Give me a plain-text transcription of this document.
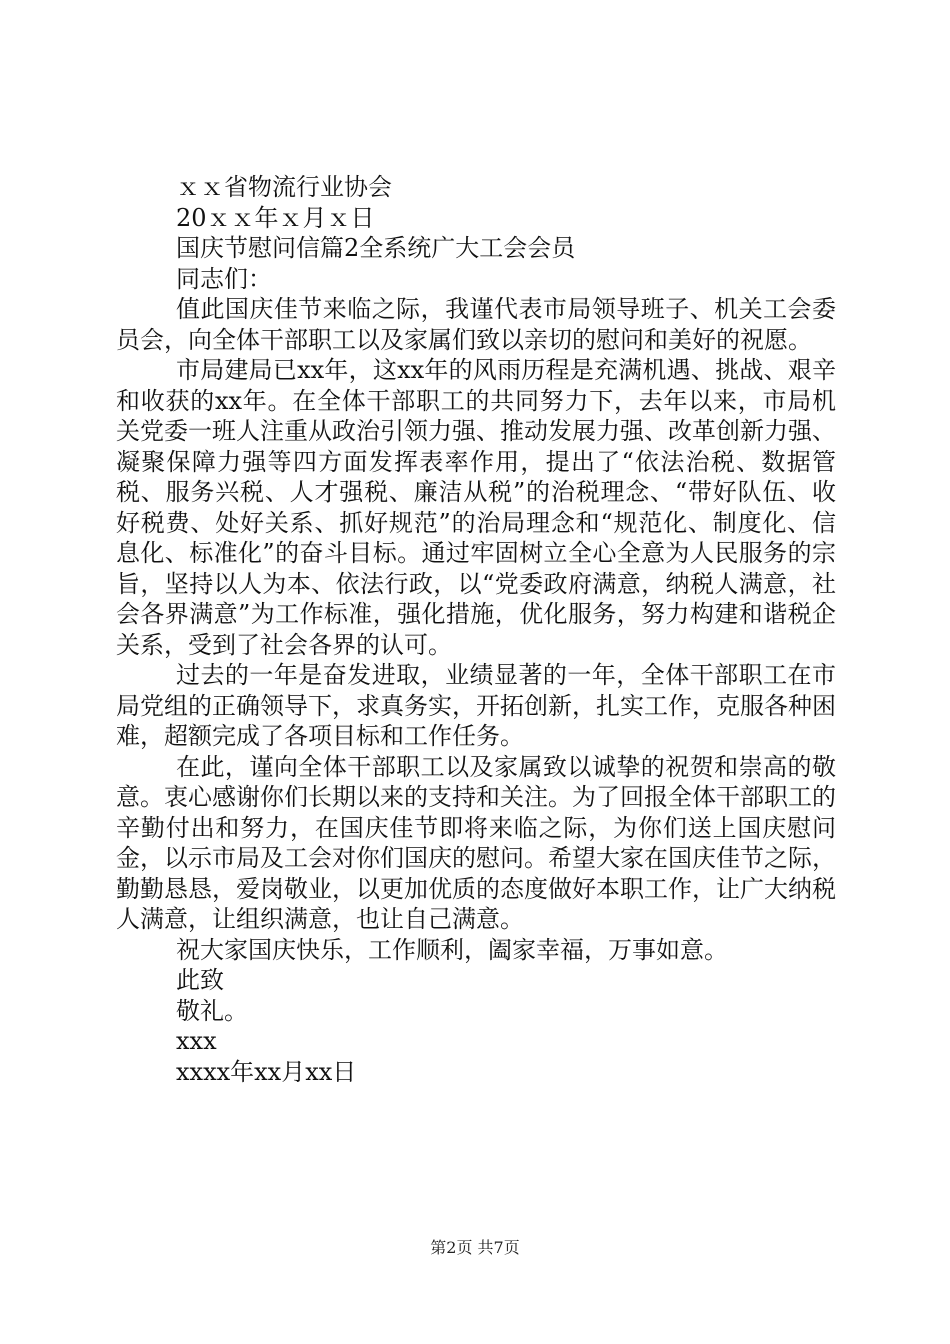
ｘｘ省物流行业协会

20ｘｘ年ｘ月ｘ日

国庆节慰问信篇2全系统广大工会会员

同志们：

值此国庆佳节来临之际，我谨代表市局领导班子、机关工会委员会，向全体干部职工以及家属们致以亲切的慰问和美好的祝愿。

市局建局已xx年，这xx年的风雨历程是充满机遇、挑战、艰辛和收获的xx年。在全体干部职工的共同努力下，去年以来，市局机关党委一班人注重从政治引领力强、推动发展力强、改革创新力强、凝聚保障力强等四方面发挥表率作用，提出了“依法治税、数据管税、服务兴税、人才强税、廉洁从税”的治税理念、“带好队伍、收好税费、处好关系、抓好规范”的治局理念和“规范化、制度化、信息化、标准化”的奋斗目标。通过牢固树立全心全意为人民服务的宗旨，坚持以人为本、依法行政，以“党委政府满意，纳税人满意，社会各界满意”为工作标准，强化措施，优化服务，努力构建和谐税企关系，受到了社会各界的认可。

过去的一年是奋发进取，业绩显著的一年，全体干部职工在市局党组的正确领导下，求真务实，开拓创新，扎实工作，克服各种困难，超额完成了各项目标和工作任务。

在此，谨向全体干部职工以及家属致以诚挚的祝贺和崇高的敬意。衷心感谢你们长期以来的支持和关注。为了回报全体干部职工的辛勤付出和努力，在国庆佳节即将来临之际，为你们送上国庆慰问金，以示市局及工会对你们国庆的慰问。希望大家在国庆佳节之际，勤勤恳恳，爱岗敬业，以更加优质的态度做好本职工作，让广大纳税人满意，让组织满意，也让自己满意。

祝大家国庆快乐，工作顺利，阖家幸福，万事如意。

此致

敬礼。

xxx

xxxx年xx月xx日

第2页 共7页
